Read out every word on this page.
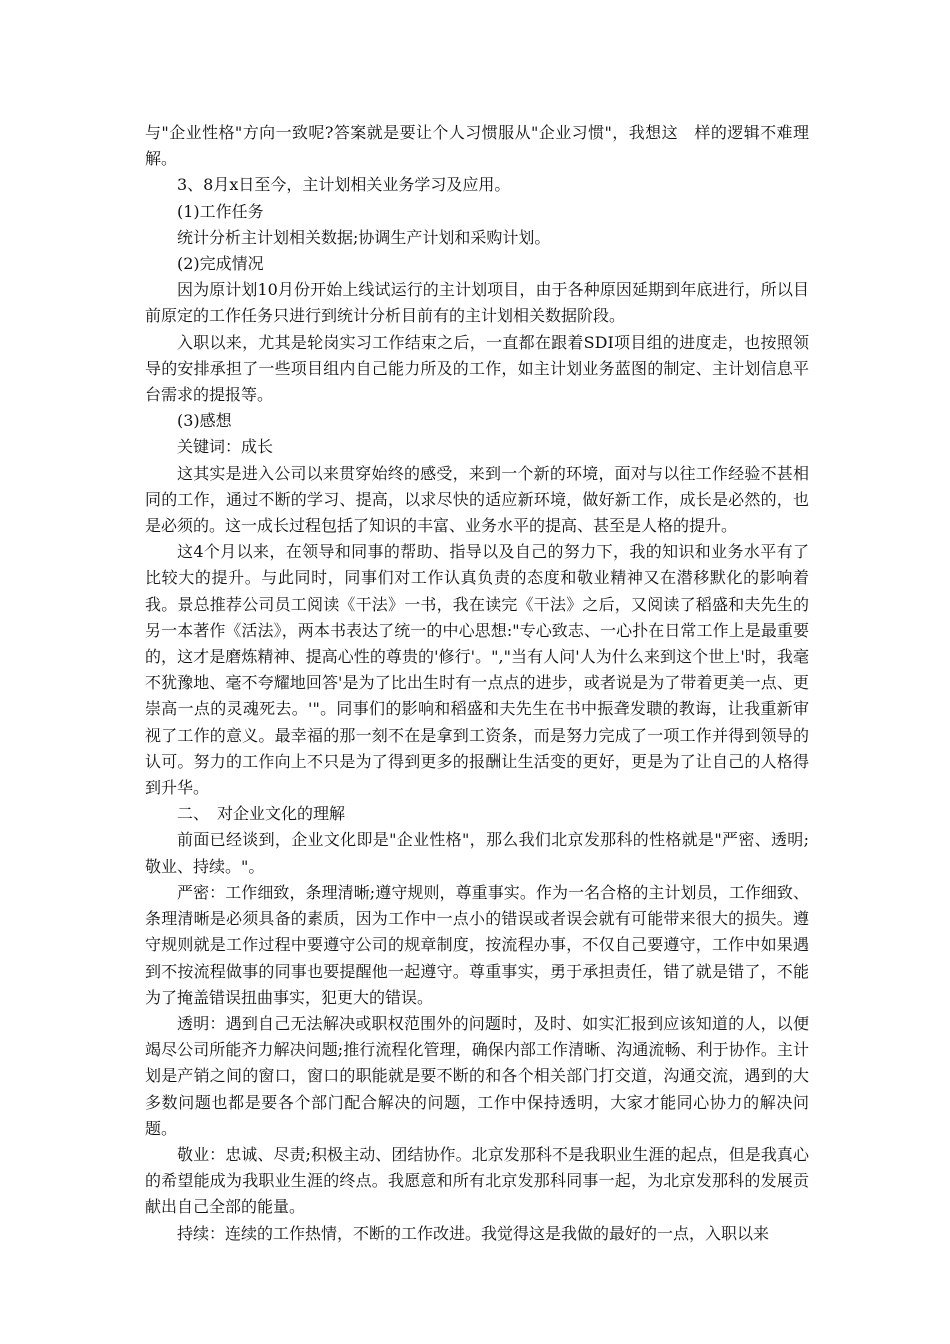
与"企业性格"方向一致呢?答案就是要让个人习惯服从"企业习惯"，我想这　样的逻辑不难理解。

3、8月x日至今，主计划相关业务学习及应用。

(1)工作任务

统计分析主计划相关数据;协调生产计划和采购计划。

(2)完成情况

因为原计划10月份开始上线试运行的主计划项目，由于各种原因延期到年底进行，所以目前原定的工作任务只进行到统计分析目前有的主计划相关数据阶段。

入职以来，尤其是轮岗实习工作结束之后，一直都在跟着SDI项目组的进度走，也按照领导的安排承担了一些项目组内自己能力所及的工作，如主计划业务蓝图的制定、主计划信息平台需求的提报等。

(3)感想

关键词：成长

这其实是进入公司以来贯穿始终的感受，来到一个新的环境，面对与以往工作经验不甚相同的工作，通过不断的学习、提高，以求尽快的适应新环境，做好新工作，成长是必然的，也是必须的。这一成长过程包括了知识的丰富、业务水平的提高、甚至是人格的提升。

这4个月以来，在领导和同事的帮助、指导以及自己的努力下，我的知识和业务水平有了比较大的提升。与此同时，同事们对工作认真负责的态度和敬业精神又在潜移默化的影响着我。景总推荐公司员工阅读《干法》一书，我在读完《干法》之后，又阅读了稻盛和夫先生的另一本著作《活法》，两本书表达了统一的中心思想:"专心致志、一心扑在日常工作上是最重要的，这才是磨炼精神、提高心性的尊贵的'修行'。","当有人问'人为什么来到这个世上'时，我毫不犹豫地、毫不夸耀地回答'是为了比出生时有一点点的进步，或者说是为了带着更美一点、更崇高一点的灵魂死去。'"。同事们的影响和稻盛和夫先生在书中振聋发聩的教诲，让我重新审视了工作的意义。最幸福的那一刻不在是拿到工资条，而是努力完成了一项工作并得到领导的认可。努力的工作向上不只是为了得到更多的报酬让生活变的更好，更是为了让自己的人格得到升华。

二、　对企业文化的理解

前面已经谈到，企业文化即是"企业性格"，那么我们北京发那科的性格就是"严密、透明;敬业、持续。"。

严密：工作细致，条理清晰;遵守规则，尊重事实。作为一名合格的主计划员，工作细致、条理清晰是必须具备的素质，因为工作中一点小的错误或者误会就有可能带来很大的损失。遵守规则就是工作过程中要遵守公司的规章制度，按流程办事，不仅自己要遵守，工作中如果遇到不按流程做事的同事也要提醒他一起遵守。尊重事实，勇于承担责任，错了就是错了，不能为了掩盖错误扭曲事实，犯更大的错误。

透明：遇到自己无法解决或职权范围外的问题时，及时、如实汇报到应该知道的人，以便竭尽公司所能齐力解决问题;推行流程化管理，确保内部工作清晰、沟通流畅、利于协作。主计划是产销之间的窗口，窗口的职能就是要不断的和各个相关部门打交道，沟通交流，遇到的大多数问题也都是要各个部门配合解决的问题，工作中保持透明，大家才能同心协力的解决问题。

敬业：忠诚、尽责;积极主动、团结协作。北京发那科不是我职业生涯的起点，但是我真心的希望能成为我职业生涯的终点。我愿意和所有北京发那科同事一起，为北京发那科的发展贡献出自己全部的能量。

持续：连续的工作热情，不断的工作改进。我觉得这是我做的最好的一点，入职以来
